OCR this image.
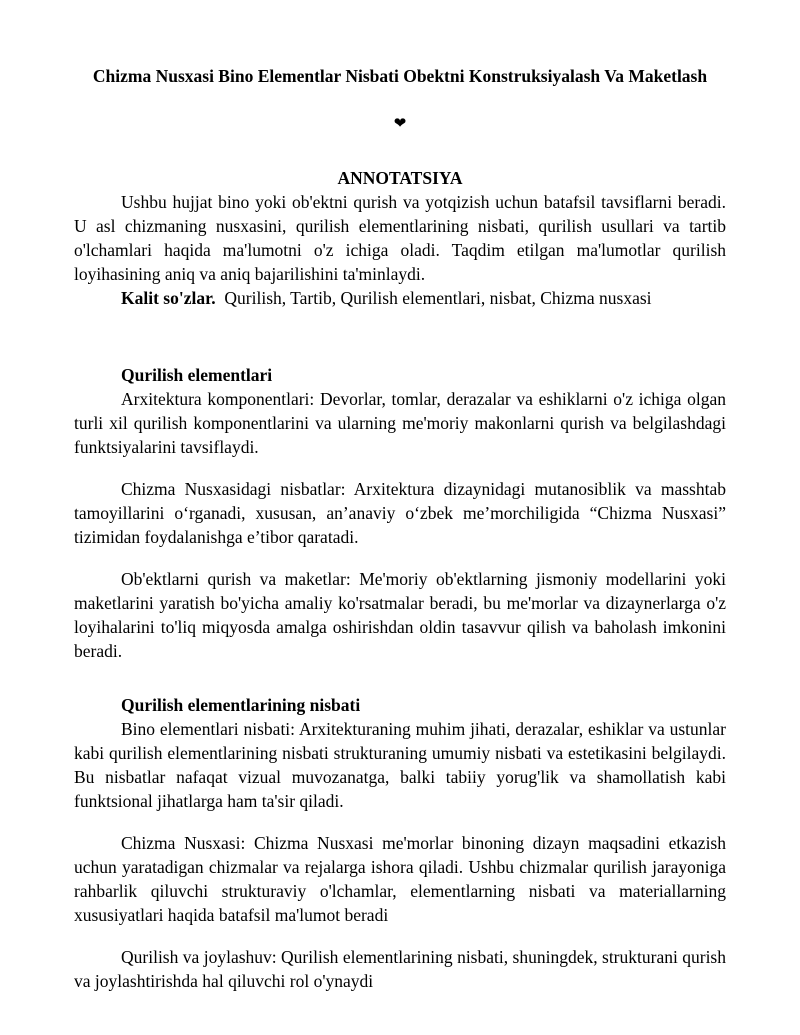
Chizma Nusxasi Bino Elementlar Nisbati Obektni Konstruksiyalash Va Maketlash
❤
ANNOTATSIYA
Ushbu hujjat bino yoki ob'ektni qurish va yotqizish uchun batafsil tavsiflarni beradi. U asl chizmaning nusxasini, qurilish elementlarining nisbati, qurilish usullari va tartib o'lchamlari haqida ma'lumotni o'z ichiga oladi. Taqdim etilgan ma'lumotlar qurilish loyihasining aniq va aniq bajarilishini ta'minlaydi.
Kalit so'zlar. Qurilish, Tartib, Qurilish elementlari, nisbat, Chizma nusxasi
Qurilish elementlari
Arxitektura komponentlari: Devorlar, tomlar, derazalar va eshiklarni o'z ichiga olgan turli xil qurilish komponentlarini va ularning me'moriy makonlarni qurish va belgilashdagi funktsiyalarini tavsiflaydi.
Chizma Nusxasidagi nisbatlar: Arxitektura dizaynidagi mutanosiblik va masshtab tamoyillarini o‘rganadi, xususan, an’anaviy o‘zbek me’morchiligida “Chizma Nusxasi” tizimidan foydalanishga e’tibor qaratadi.
Ob'ektlarni qurish va maketlar: Me'moriy ob'ektlarning jismoniy modellarini yoki maketlarini yaratish bo'yicha amaliy ko'rsatmalar beradi, bu me'morlar va dizaynerlarga o'z loyihalarini to'liq miqyosda amalga oshirishdan oldin tasavvur qilish va baholash imkonini beradi.
Qurilish elementlarining nisbati
Bino elementlari nisbati: Arxitekturaning muhim jihati, derazalar, eshiklar va ustunlar kabi qurilish elementlarining nisbati strukturaning umumiy nisbati va estetikasini belgilaydi. Bu nisbatlar nafaqat vizual muvozanatga, balki tabiiy yorug'lik va shamollatish kabi funktsional jihatlarga ham ta'sir qiladi.
Chizma Nusxasi: Chizma Nusxasi me'morlar binoning dizayn maqsadini etkazish uchun yaratadigan chizmalar va rejalarga ishora qiladi. Ushbu chizmalar qurilish jarayoniga rahbarlik qiluvchi strukturaviy o'lchamlar, elementlarning nisbati va materiallarning xususiyatlari haqida batafsil ma'lumot beradi
Qurilish va joylashuv: Qurilish elementlarining nisbati, shuningdek, strukturani qurish va joylashtirishda hal qiluvchi rol o'ynaydi
